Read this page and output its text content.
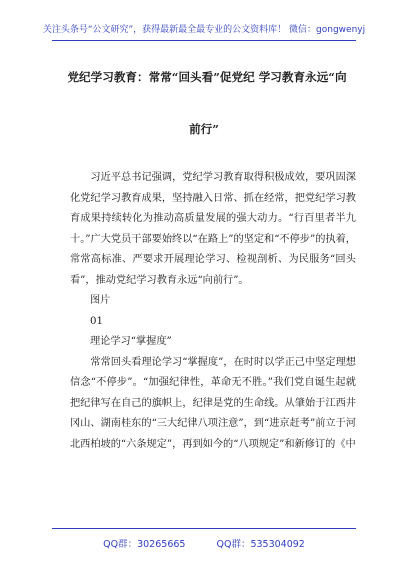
关注头条号“公文研究”，获得最新最全最专业的公文资料库！ 微信：gongwenyj
党纪学习教育：常常“回头看”促党纪 学习教育永远“向
前行”

习近平总书记强调，党纪学习教育取得积极成效，要巩固深化党纪学习教育成果，坚持融入日常、抓在经常，把党纪学习教育成果持续转化为推动高质量发展的强大动力。“行百里者半九十。”广大党员干部要始终以“在路上”的坚定和“不停步”的执着，常常高标准、严要求开展理论学习、检视剖析、为民服务“回头看”，推动党纪学习教育永远“向前行”。

图片

01

理论学习“掌握度”

常常回头看理论学习“掌握度”，在时时以学正己中坚定理想信念“不停步”。“加强纪律性，革命无不胜。”我们党自诞生起就把纪律写在自己的旗帜上，纪律是党的生命线。从肇始于江西井冈山、湖南桂东的“三大纪律八项注意”，到“进京赶考”前立于河北西柏坡的“六条规定”，再到如今的“八项规定”和新修订的《中

QQ群：30265665	QQ群：535304092
